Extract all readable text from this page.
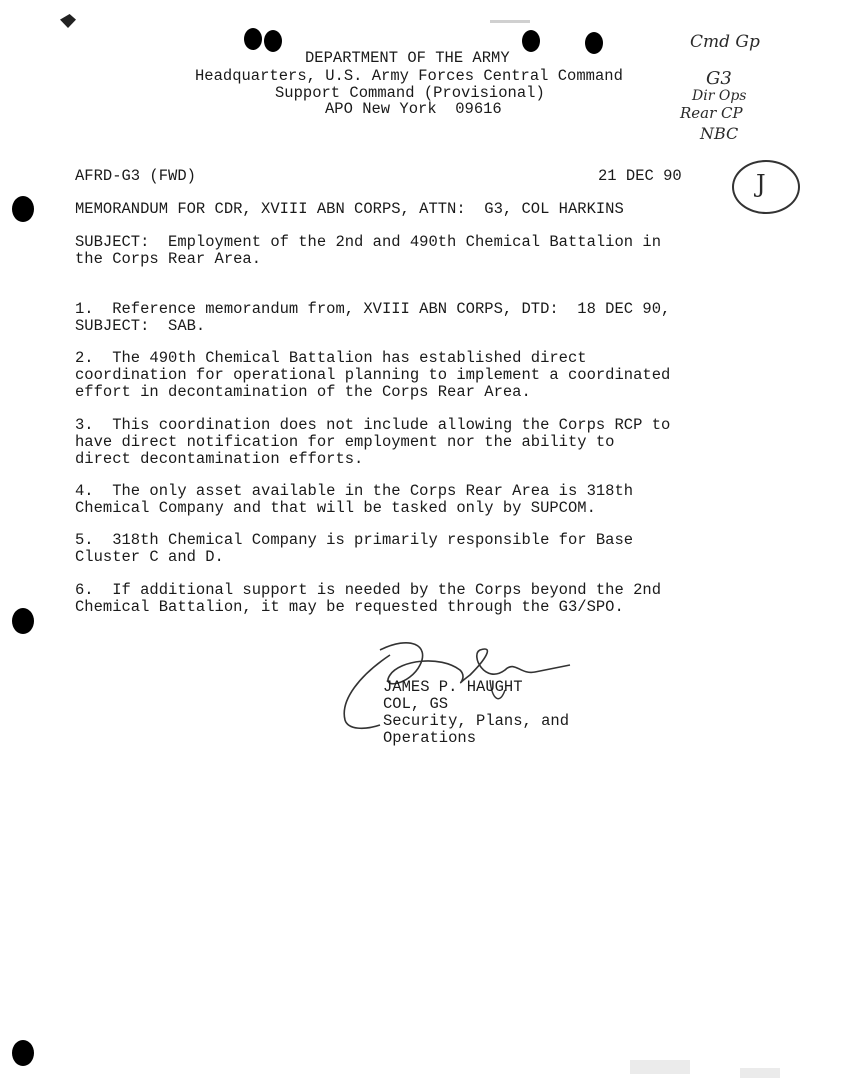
DEPARTMENT OF THE ARMY
Headquarters, U.S. Army Forces Central Command
Support Command (Provisional)
APO New York  09616
Cmd Gp
G3
Dir Ops
Rear CP
NBC
J
AFRD-G3 (FWD)	21 DEC 90
MEMORANDUM FOR CDR, XVIII ABN CORPS, ATTN:  G3, COL HARKINS
SUBJECT:  Employment of the 2nd and 490th Chemical Battalion in
the Corps Rear Area.
1.  Reference memorandum from, XVIII ABN CORPS, DTD:  18 DEC 90,
SUBJECT:  SAB.
2.  The 490th Chemical Battalion has established direct
coordination for operational planning to implement a coordinated
effort in decontamination of the Corps Rear Area.
3.  This coordination does not include allowing the Corps RCP to
have direct notification for employment nor the ability to
direct decontamination efforts.
4.  The only asset available in the Corps Rear Area is 318th
Chemical Company and that will be tasked only by SUPCOM.
5.  318th Chemical Company is primarily responsible for Base
Cluster C and D.
6.  If additional support is needed by the Corps beyond the 2nd
Chemical Battalion, it may be requested through the G3/SPO.
JAMES P. HAUGHT
COL, GS
Security, Plans, and
Operations
